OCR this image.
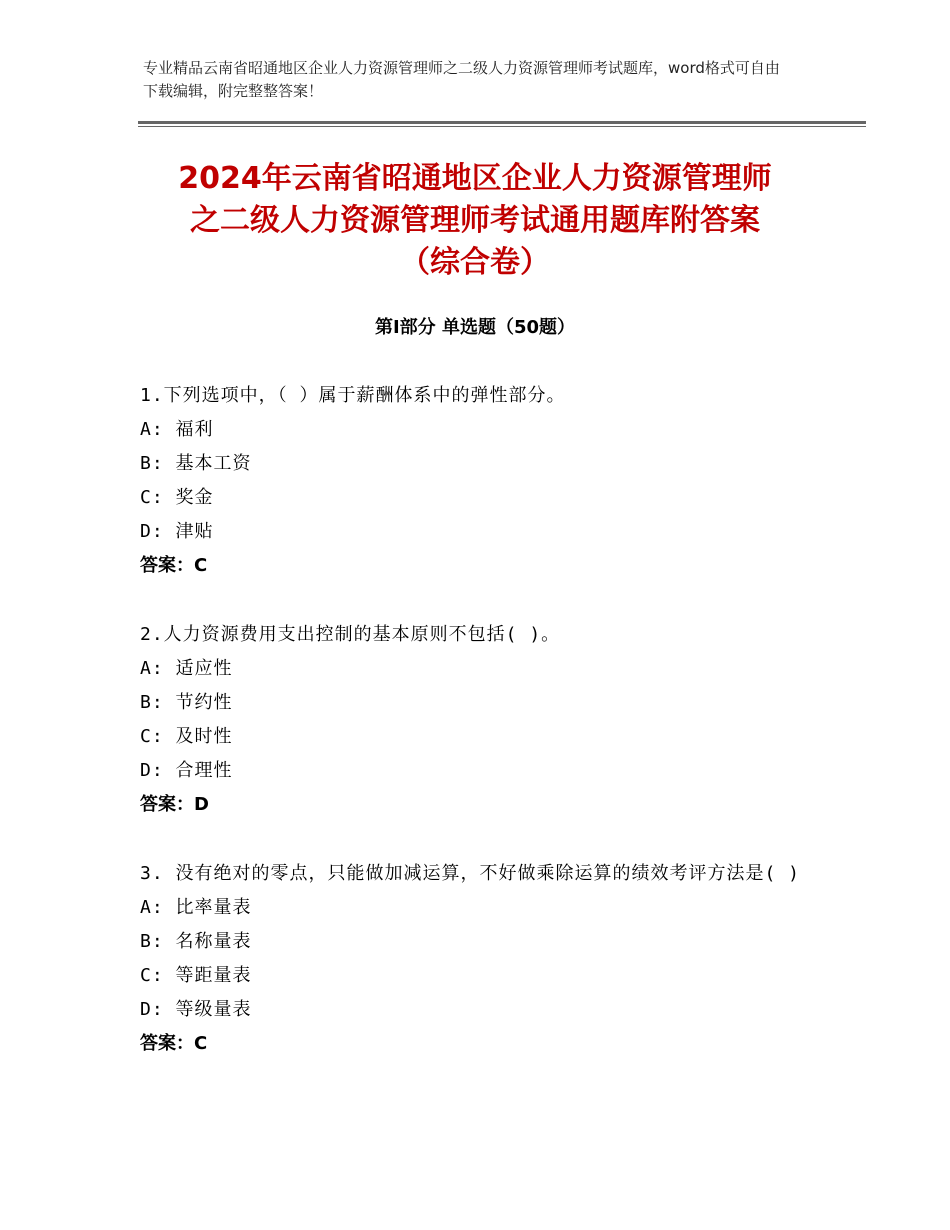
专业精品云南省昭通地区企业人力资源管理师之二级人力资源管理师考试题库，word格式可自由下载编辑，附完整整答案！
2024年云南省昭通地区企业人力资源管理师
之二级人力资源管理师考试通用题库附答案
（综合卷）
第Ⅰ部分 单选题（50题）
1.下列选项中，（ ）属于薪酬体系中的弹性部分。
A: 福利
B: 基本工资
C: 奖金
D: 津贴
答案：C
2.人力资源费用支出控制的基本原则不包括( )。
A: 适应性
B: 节约性
C: 及时性
D: 合理性
答案：D
3. 没有绝对的零点，只能做加减运算，不好做乘除运算的绩效考评方法是( )
A: 比率量表
B: 名称量表
C: 等距量表
D: 等级量表
答案：C
